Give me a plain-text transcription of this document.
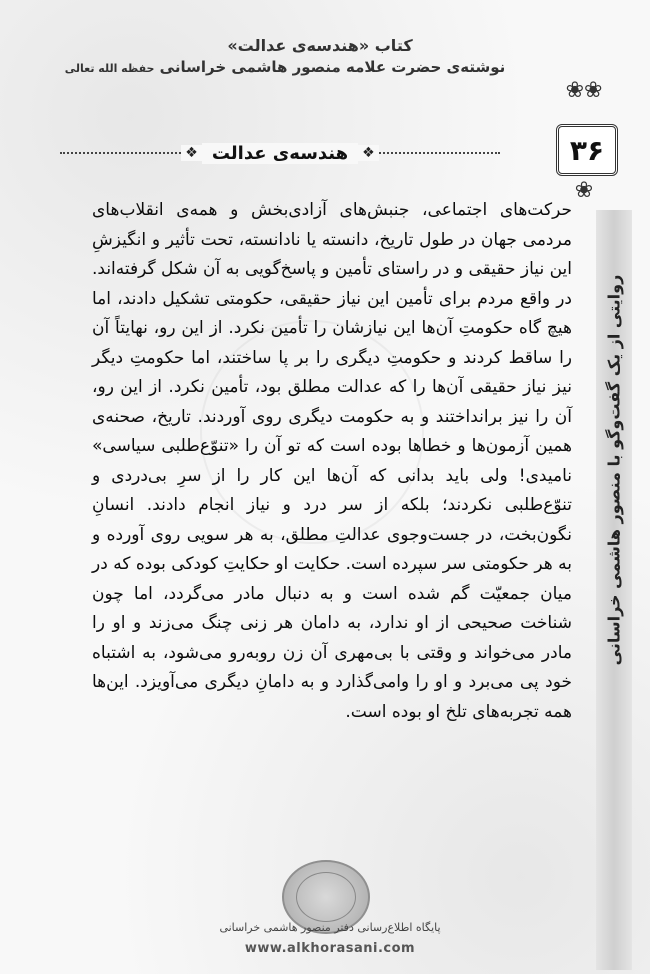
کتاب «هندسه‌ی عدالت»
نوشته‌ی حضرت علامه منصور هاشمی خراسانی حفظه الله تعالی
❖ هندسه‌ی عدالت	❖
❀❀
۳۶
❀
روایتی از یک گفت‌وگو با منصور هاشمی خراسانی
حرکت‌های اجتماعی، جنبش‌های آزادی‌بخش و همه‌ی انقلاب‌های مردمی جهان در طول تاریخ، دانسته یا نادانسته، تحت تأثیر و انگیزشِ این نیاز حقیقی و در راستای تأمین و پاسخ‌گویی به آن شکل گرفته‌اند. در واقع مردم برای تأمین این نیاز حقیقی، حکومتی تشکیل دادند، اما هیچ گاه حکومتِ آن‌ها این نیازشان را تأمین نکرد. از این رو، نهایتاً آن را ساقط کردند و حکومتِ دیگری را بر پا ساختند، اما حکومتِ دیگر نیز نیاز حقیقی آن‌ها را که عدالت مطلق بود، تأمین نکرد. از این رو، آن را نیز برانداختند و به حکومت دیگری روی آوردند. تاریخ، صحنه‌ی همین آزمون‌ها و خطاها بوده است که تو آن را «تنوّع‌طلبی سیاسی» نامیدی! ولی باید بدانی که آن‌ها این کار را از سرِ بی‌دردی و تنوّع‌طلبی نکردند؛ بلکه از سر درد و نیاز انجام دادند. انسانِ نگون‌بخت، در جست‌وجوی عدالتِ مطلق، به هر سویی روی آورده و به هر حکومتی سر سپرده است. حکایت او حکایتِ کودکی بوده که در میان جمعیّت گم شده است و به دنبال مادر می‌گردد، اما چون شناخت صحیحی از او ندارد، به دامان هر زنی چنگ می‌زند و او را مادر می‌خواند و وقتی با بی‌مهری آن زن روبه‌رو می‌شود، به اشتباه خود پی می‌برد و او را وامی‌گذارد و به دامانِ دیگری می‌آویزد. این‌ها همه تجربه‌های تلخ او بوده است.
پایگاه اطلاع‌رسانی دفتر منصور هاشمی خراسانی
www.alkhorasani.com
